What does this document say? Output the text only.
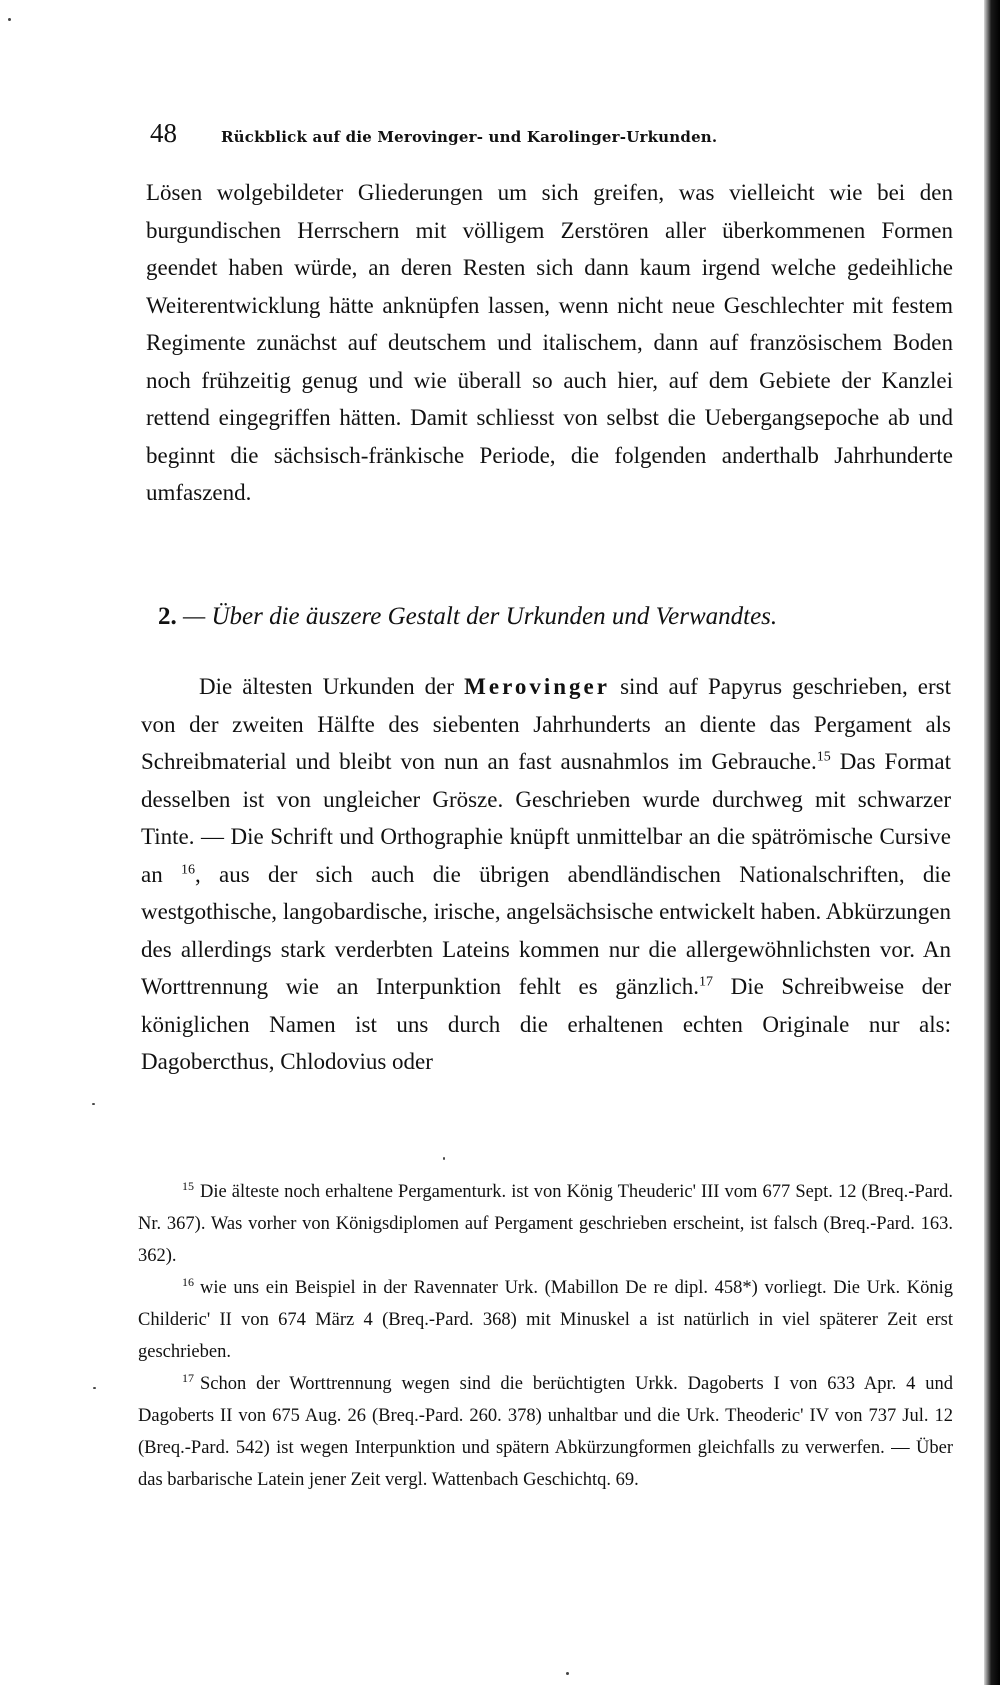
48	Rückblick auf die Merovinger- und Karolinger-Urkunden.

Lösen wolgebildeter Gliederungen um sich greifen, was vielleicht wie bei den burgundischen Herrschern mit völligem Zerstören aller überkommenen Formen geendet haben würde, an deren Resten sich dann kaum irgend welche gedeihliche Weiterentwicklung hätte anknüpfen lassen, wenn nicht neue Geschlechter mit festem Regimente zunächst auf deutschem und italischem, dann auf französischem Boden noch frühzeitig genug und wie überall so auch hier, auf dem Gebiete der Kanzlei rettend eingegriffen hätten. Damit schliesst von selbst die Uebergangsepoche ab und beginnt die sächsisch-fränkische Periode, die folgenden anderthalb Jahrhunderte umfaszend.

2. — Über die äuszere Gestalt der Urkunden und Verwandtes.

Die ältesten Urkunden der Merovinger sind auf Papyrus geschrieben, erst von der zweiten Hälfte des siebenten Jahrhunderts an diente das Pergament als Schreibmaterial und bleibt von nun an fast ausnahmlos im Gebrauche.$^{15}$ Das Format desselben ist von ungleicher Grösze. Geschrieben wurde durchweg mit schwarzer Tinte. — Die Schrift und Orthographie knüpft unmittelbar an die spätrömische Cursive an $^{16}$, aus der sich auch die übrigen abendländischen Nationalschriften, die westgothische, langobardische, irische, angelsächsische entwickelt haben. Abkürzungen des allerdings stark verderbten Lateins kommen nur die allergewöhnlichsten vor. An Worttrennung wie an Interpunktion fehlt es gänzlich.$^{17}$ Die Schreibweise der königlichen Namen ist uns durch die erhaltenen echten Originale nur als: Dagobercthus, Chlodovius oder

$^{15}$ Die älteste noch erhaltene Pergamenturk. ist von König Theuderic' III vom 677 Sept. 12 (Breq.-Pard. Nr. 367). Was vorher von Königsdiplomen auf Pergament geschrieben erscheint, ist falsch (Breq.-Pard. 163. 362).

$^{16}$ wie uns ein Beispiel in der Ravennater Urk. (Mabillon De re dipl. 458*) vorliegt. Die Urk. König Childeric' II von 674 März 4 (Breq.-Pard. 368) mit Minuskel a ist natürlich in viel späterer Zeit erst geschrieben.

$^{17}$ Schon der Worttrennung wegen sind die berüchtigten Urkk. Dagoberts I von 633 Apr. 4 und Dagoberts II von 675 Aug. 26 (Breq.-Pard. 260. 378) unhaltbar und die Urk. Theoderic' IV von 737 Jul. 12 (Breq.-Pard. 542) ist wegen Interpunktion und spätern Abkürzungformen gleichfalls zu verwerfen. — Über das barbarische Latein jener Zeit vergl. Wattenbach Geschichtq. 69.
